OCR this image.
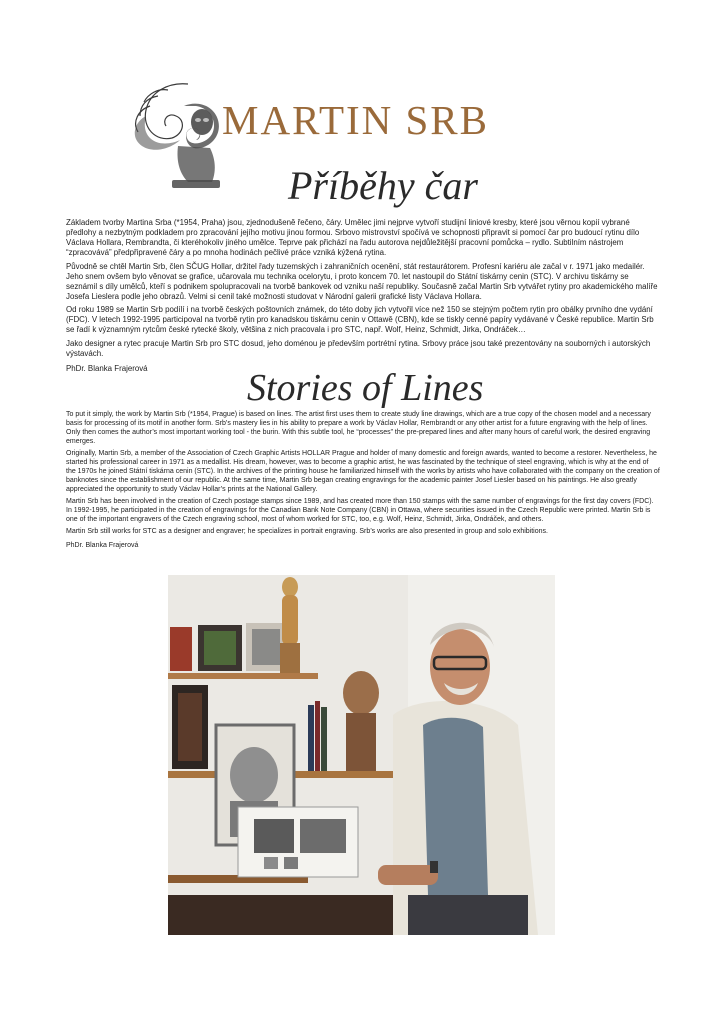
MARTIN SRB
Příběhy čar

Základem tvorby Martina Srba (*1954, Praha) jsou, zjednodušeně řečeno, čáry. Umělec jimi nejprve vytvoří studijní liniové kresby, které jsou věrnou kopií vybrané předlohy a nezbytným podkladem pro zpracování jejího motivu jinou formou. Srbovo mistrovství spočívá ve schopnosti připravit si pomocí čar pro budoucí rytinu dílo Václava Hollara, Rembrandta, či kteréhokoliv jiného umělce. Teprve pak přichází na řadu autorova nejdůležitější pracovní pomůcka – rydlo. Subtilním nástrojem “zpracovává” předpřipravené čáry a po mnoha hodinách pečlivé práce vzniká kýžená rytina.

Původně se chtěl Martin Srb, člen SČUG Hollar, držitel řady tuzemských i zahraničních ocenění, stát restaurátorem. Profesní kariéru ale začal v r. 1971 jako medailér. Jeho snem ovšem bylo věnovat se grafice, učarovala mu technika ocelorytu, i proto koncem 70. let nastoupil do Státní tiskárny cenin (STC). V archivu tiskárny se seznámil s díly umělců, kteří s podnikem spolupracovali na tvorbě bankovek od vzniku naší republiky. Současně začal Martin Srb vytvářet rytiny pro akademického malíře Josefa Lieslera podle jeho obrazů. Velmi si cenil také možnosti studovat v Národní galerii grafické listy Václava Hollara.

Od roku 1989 se Martin Srb podílí i na tvorbě českých poštovních známek, do této doby jich vytvořil více než 150 se stejným počtem rytin pro obálky prvního dne vydání (FDC). V letech 1992-1995 participoval na tvorbě rytin pro kanadskou tiskárnu cenin v Ottawě (CBN), kde se tiskly cenné papíry vydávané v České republice. Martin Srb se řadí k významným rytcům české rytecké školy, většina z nich pracovala i pro STC, např. Wolf, Heinz, Schmidt, Jirka, Ondráček…

Jako designer a rytec pracuje Martin Srb pro STC dosud, jeho doménou je především portrétní rytina. Srbovy práce jsou také prezentovány na souborných i autorských výstavách.

PhDr. Blanka Frajerová	Stories of Lines

To put it simply, the work by Martin Srb (*1954, Prague) is based on lines. The artist first uses them to create study line drawings, which are a true copy of the chosen model and a necessary basis for processing of its motif in another form. Srb’s mastery lies in his ability to prepare a work by Václav Hollar, Rembrandt or any other artist for a future engraving with the help of lines. Only then comes the author’s most important working tool - the burin. With this subtle tool, he “processes” the pre-prepared lines and after many hours of careful work, the desired engraving emerges.

Originally, Martin Srb, a member of the Association of Czech Graphic Artists HOLLAR Prague and holder of many domestic and foreign awards, wanted to become a restorer. Nevertheless, he started his professional career in 1971 as a medallist. His dream, however, was to become a graphic artist, he was fascinated by the technique of steel engraving, which is why at the end of the 1970s he joined Státní tiskárna cenin (STC). In the archives of the printing house he familiarized himself with the works by artists who have collaborated with the company on the creation of banknotes since the establishment of our republic. At the same time, Martin Srb began creating engravings for the academic painter Josef Liesler based on his paintings. He also greatly appreciated the opportunity to study Václav Hollar’s prints at the National Gallery.

Martin Srb has been involved in the creation of Czech postage stamps since 1989, and has created more than 150 stamps with the same number of engravings for the first day covers (FDC). In 1992-1995, he participated in the creation of engravings for the Canadian Bank Note Company (CBN) in Ottawa, where securities issued in the Czech Republic were printed. Martin Srb is one of the important engravers of the Czech engraving school, most of whom worked for STC, too, e.g. Wolf, Heinz, Schmidt, Jirka, Ondráček, and others.

Martin Srb still works for STC as a designer and engraver; he specializes in portrait engraving. Srb’s works are also presented in group and solo exhibitions.

PhDr. Blanka Frajerová
